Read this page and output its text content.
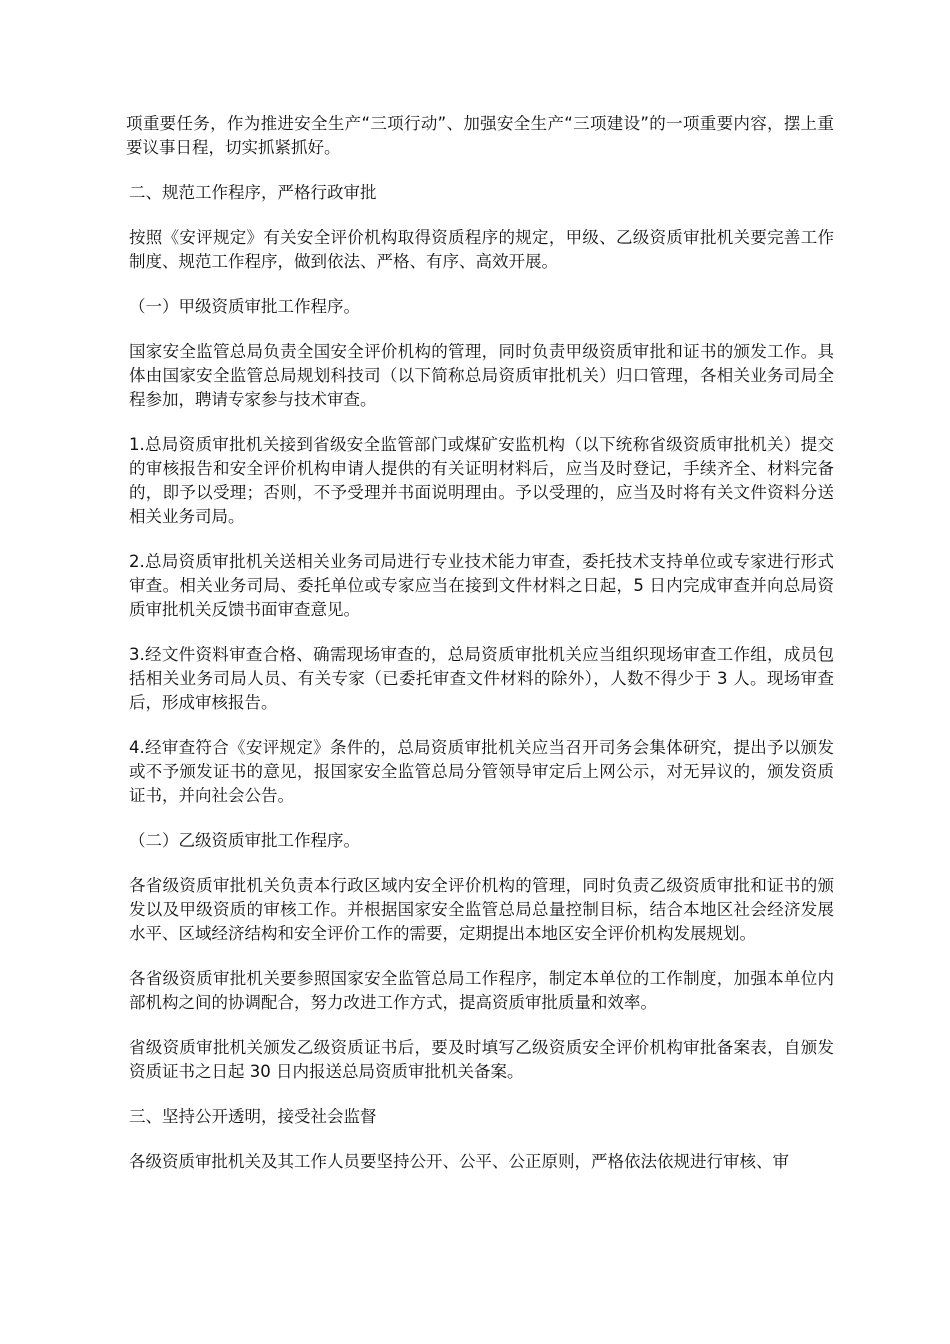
项重要任务，作为推进安全生产“三项行动”、加强安全生产“三项建设”的一项重要内容，摆上重要议事日程，切实抓紧抓好。

二、规范工作程序，严格行政审批

按照《安评规定》有关安全评价机构取得资质程序的规定，甲级、乙级资质审批机关要完善工作制度、规范工作程序，做到依法、严格、有序、高效开展。

（一）甲级资质审批工作程序。

国家安全监管总局负责全国安全评价机构的管理，同时负责甲级资质审批和证书的颁发工作。具体由国家安全监管总局规划科技司（以下简称总局资质审批机关）归口管理，各相关业务司局全程参加，聘请专家参与技术审查。

1.总局资质审批机关接到省级安全监管部门或煤矿安监机构（以下统称省级资质审批机关）提交的审核报告和安全评价机构申请人提供的有关证明材料后，应当及时登记，手续齐全、材料完备的，即予以受理；否则，不予受理并书面说明理由。予以受理的，应当及时将有关文件资料分送相关业务司局。

2.总局资质审批机关送相关业务司局进行专业技术能力审查，委托技术支持单位或专家进行形式审查。相关业务司局、委托单位或专家应当在接到文件材料之日起，5 日内完成审查并向总局资质审批机关反馈书面审查意见。

3.经文件资料审查合格、确需现场审查的，总局资质审批机关应当组织现场审查工作组，成员包括相关业务司局人员、有关专家（已委托审查文件材料的除外），人数不得少于 3 人。现场审查后，形成审核报告。

4.经审查符合《安评规定》条件的，总局资质审批机关应当召开司务会集体研究，提出予以颁发或不予颁发证书的意见，报国家安全监管总局分管领导审定后上网公示，对无异议的，颁发资质证书，并向社会公告。

（二）乙级资质审批工作程序。

各省级资质审批机关负责本行政区域内安全评价机构的管理，同时负责乙级资质审批和证书的颁发以及甲级资质的审核工作。并根据国家安全监管总局总量控制目标，结合本地区社会经济发展水平、区域经济结构和安全评价工作的需要，定期提出本地区安全评价机构发展规划。

各省级资质审批机关要参照国家安全监管总局工作程序，制定本单位的工作制度，加强本单位内部机构之间的协调配合，努力改进工作方式，提高资质审批质量和效率。

省级资质审批机关颁发乙级资质证书后，要及时填写乙级资质安全评价机构审批备案表，自颁发资质证书之日起 30 日内报送总局资质审批机关备案。

三、坚持公开透明，接受社会监督

各级资质审批机关及其工作人员要坚持公开、公平、公正原则，严格依法依规进行审核、审
